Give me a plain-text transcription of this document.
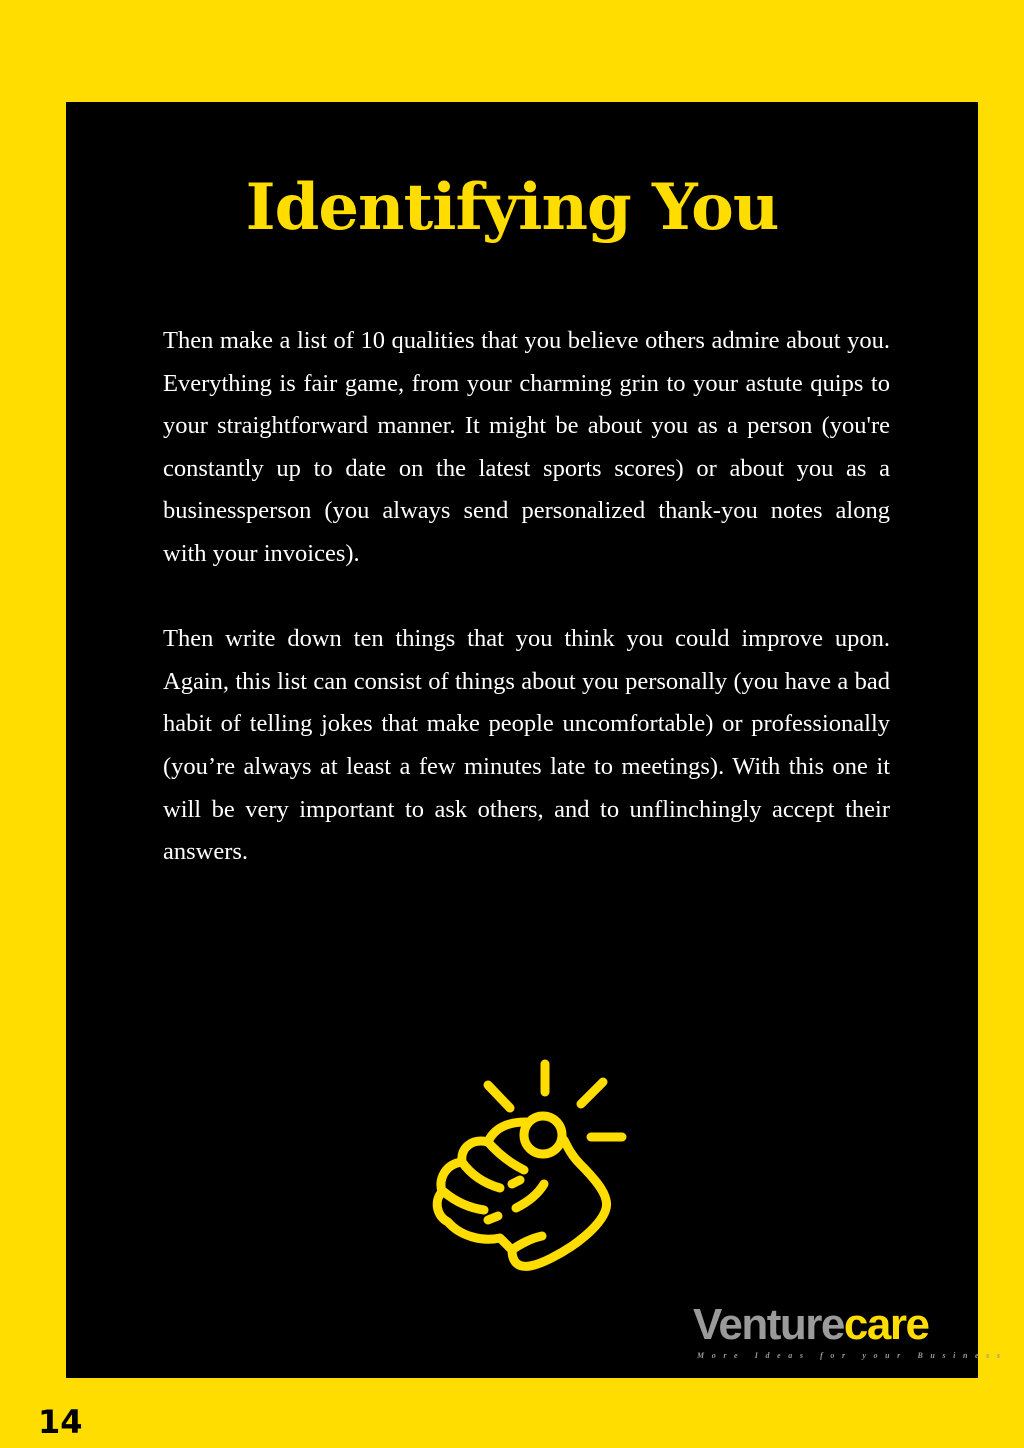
Identifying You

Then make a list of 10 qualities that you believe others admire about you. Everything is fair game, from your charming grin to your astute quips to your straightforward manner. It might be about you as a person (you're constantly up to date on the latest sports scores) or about you as a businessperson (you always send personalized thank-you notes along with your invoices).

Then write down ten things that you think you could improve upon. Again, this list can consist of things about you personally (you have a bad habit of telling jokes that make people uncomfortable) or professionally (you’re always at least a few minutes late to meetings). With this one it will be very important to ask others, and to unflinchingly accept their answers.

Venturecare
More Ideas for your Business
14
